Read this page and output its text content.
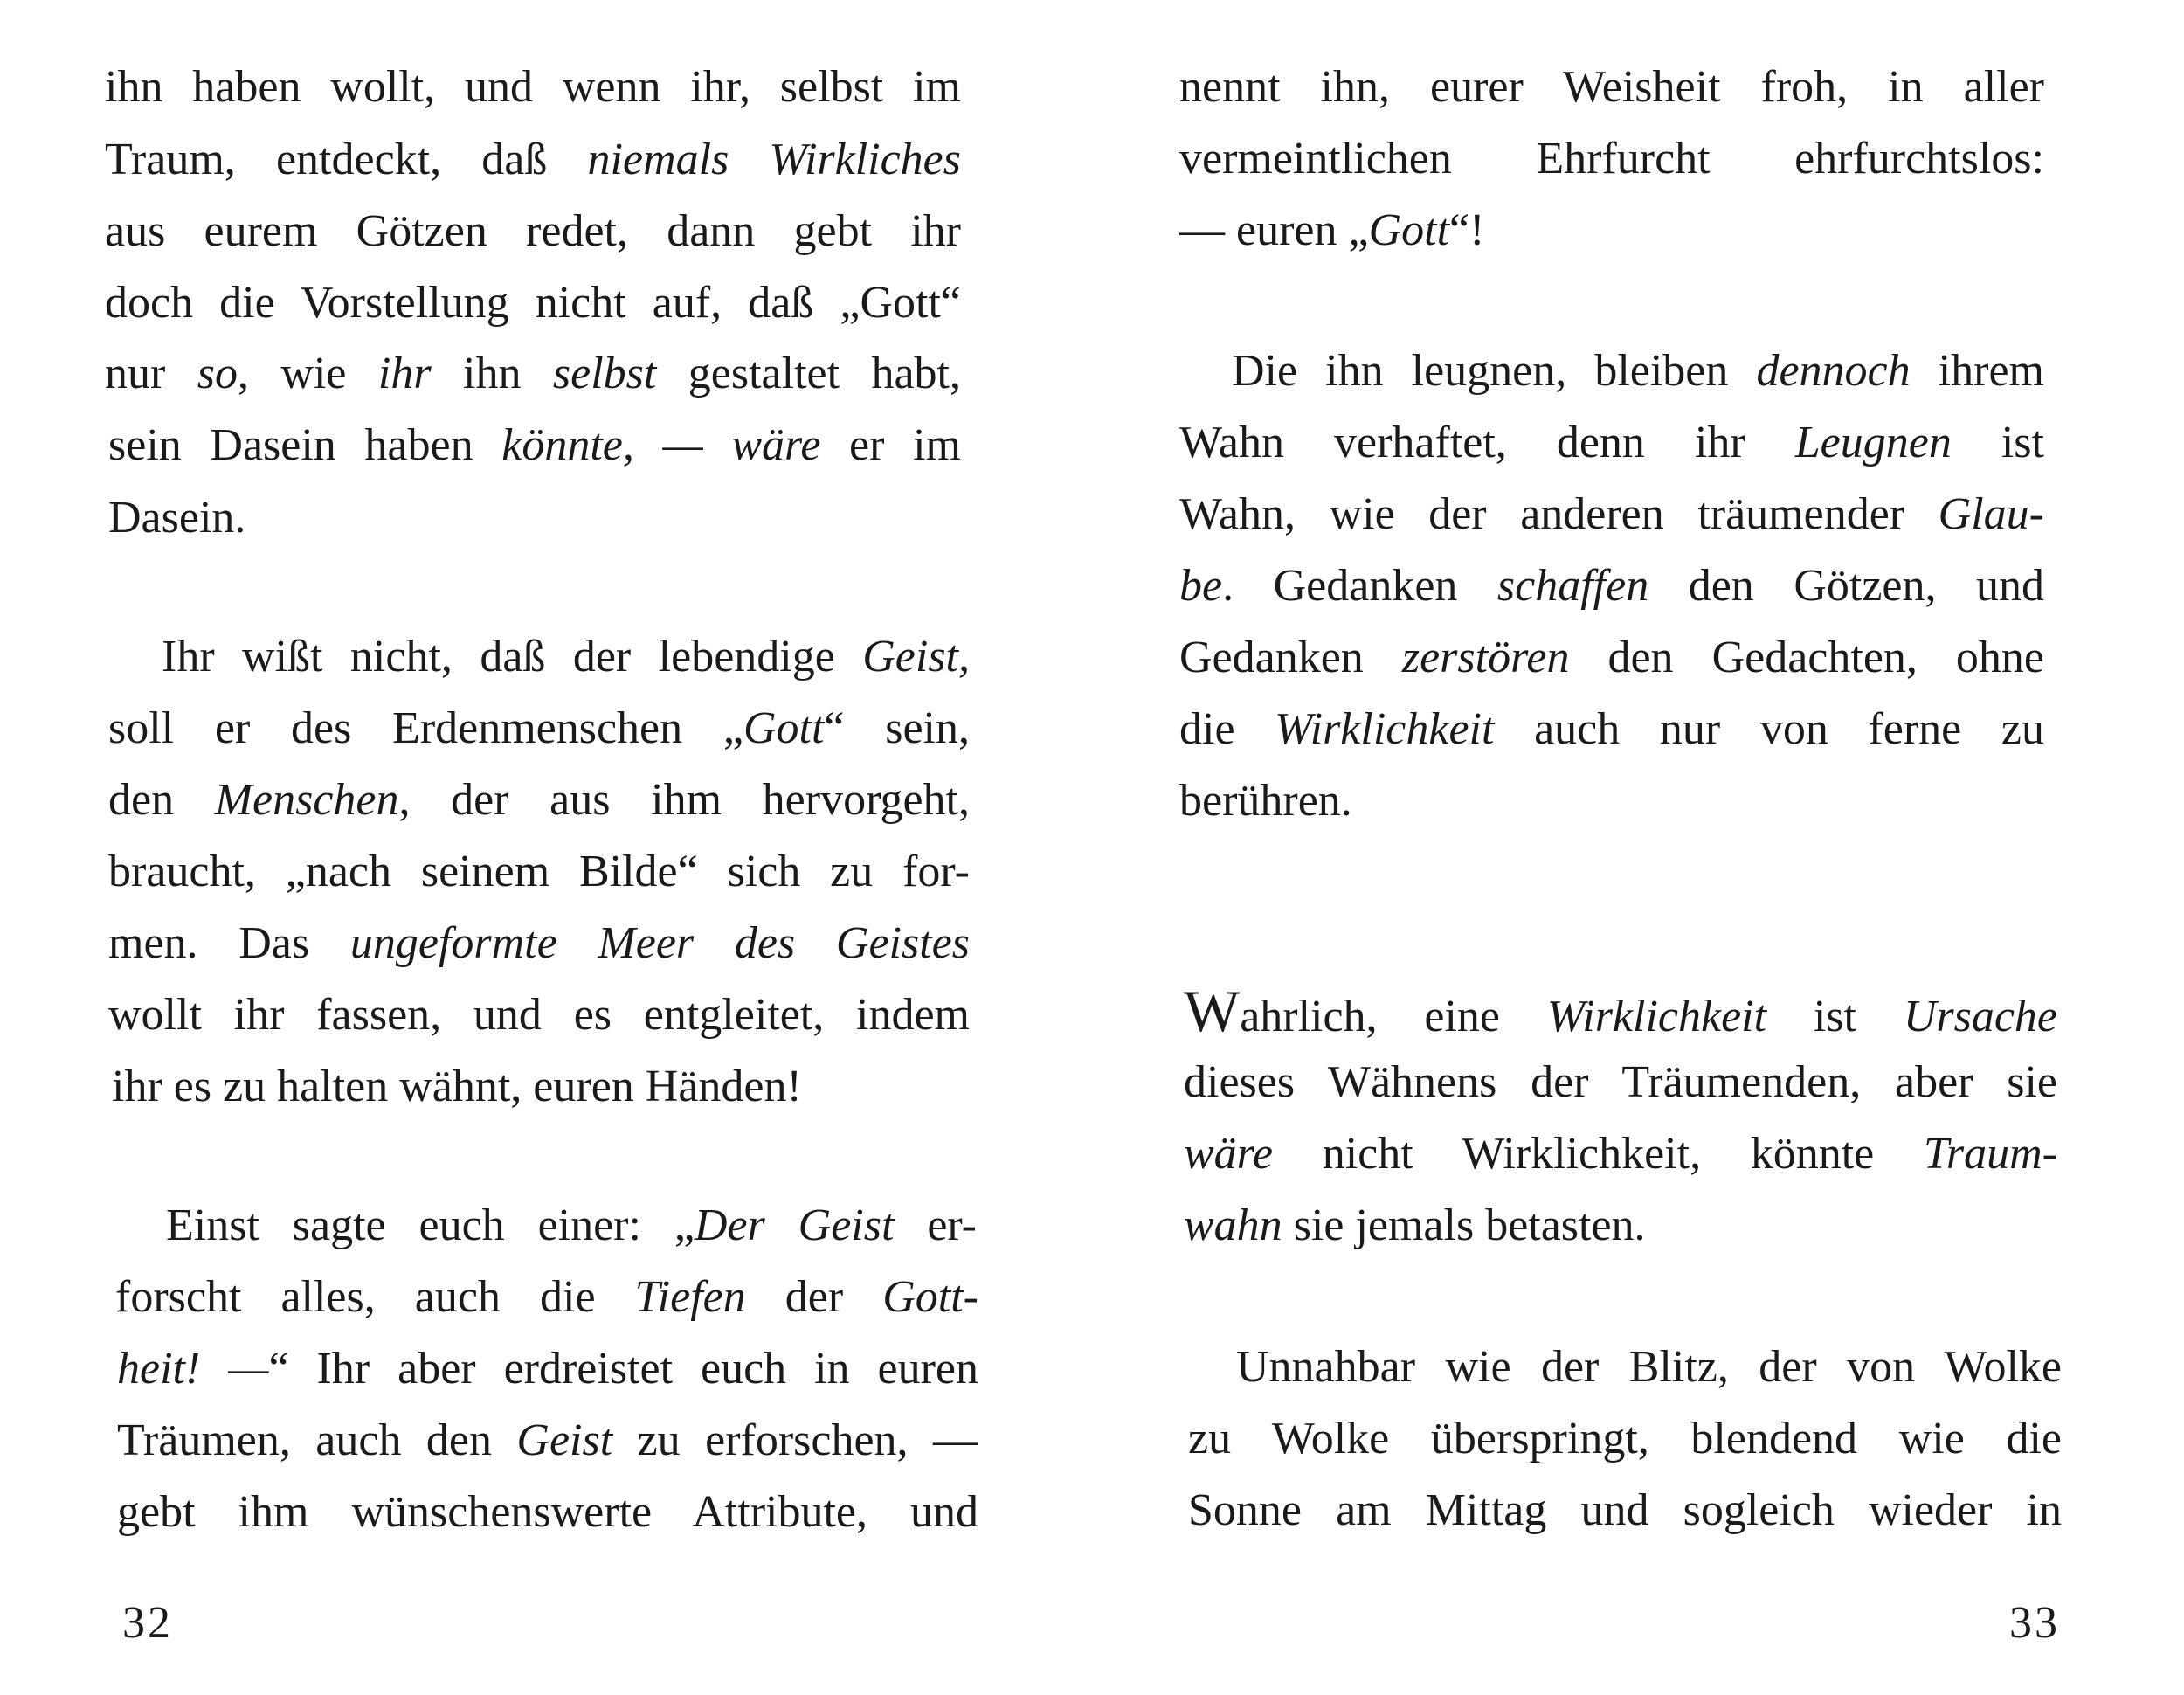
ihn haben wollt, und wenn ihr, selbst im
Traum, entdeckt, daß niemals Wirkliches
aus eurem Götzen redet, dann gebt ihr
doch die Vorstellung nicht auf, daß „Gott“
nur so, wie ihr ihn selbst gestaltet habt,
sein Dasein haben könnte, — wäre er im
Dasein.
Ihr wißt nicht, daß der lebendige Geist,
soll er des Erdenmenschen „Gott“ sein,
den Menschen, der aus ihm hervorgeht,
braucht, „nach seinem Bilde“ sich zu for-
men. Das ungeformte Meer des Geistes
wollt ihr fassen, und es entgleitet, indem
ihr es zu halten wähnt, euren Händen!
Einst sagte euch einer: „Der Geist er-
forscht alles, auch die Tiefen der Gott-
heit! —“ Ihr aber erdreistet euch in euren
Träumen, auch den Geist zu erforschen, —
gebt ihm wünschenswerte Attribute, und
32
nennt ihn, eurer Weisheit froh, in aller
vermeintlichen Ehrfurcht ehrfurchtslos:
— euren „Gott“!
Die ihn leugnen, bleiben dennoch ihrem
Wahn verhaftet, denn ihr Leugnen ist
Wahn, wie der anderen träumender Glau-
be. Gedanken schaffen den Götzen, und
Gedanken zerstören den Gedachten, ohne
die Wirklichkeit auch nur von ferne zu
berühren.
Wahrlich, eine Wirklichkeit ist Ursache
dieses Wähnens der Träumenden, aber sie
wäre nicht Wirklichkeit, könnte Traum-
wahn sie jemals betasten.
Unnahbar wie der Blitz, der von Wolke
zu Wolke überspringt, blendend wie die
Sonne am Mittag und sogleich wieder in
33
